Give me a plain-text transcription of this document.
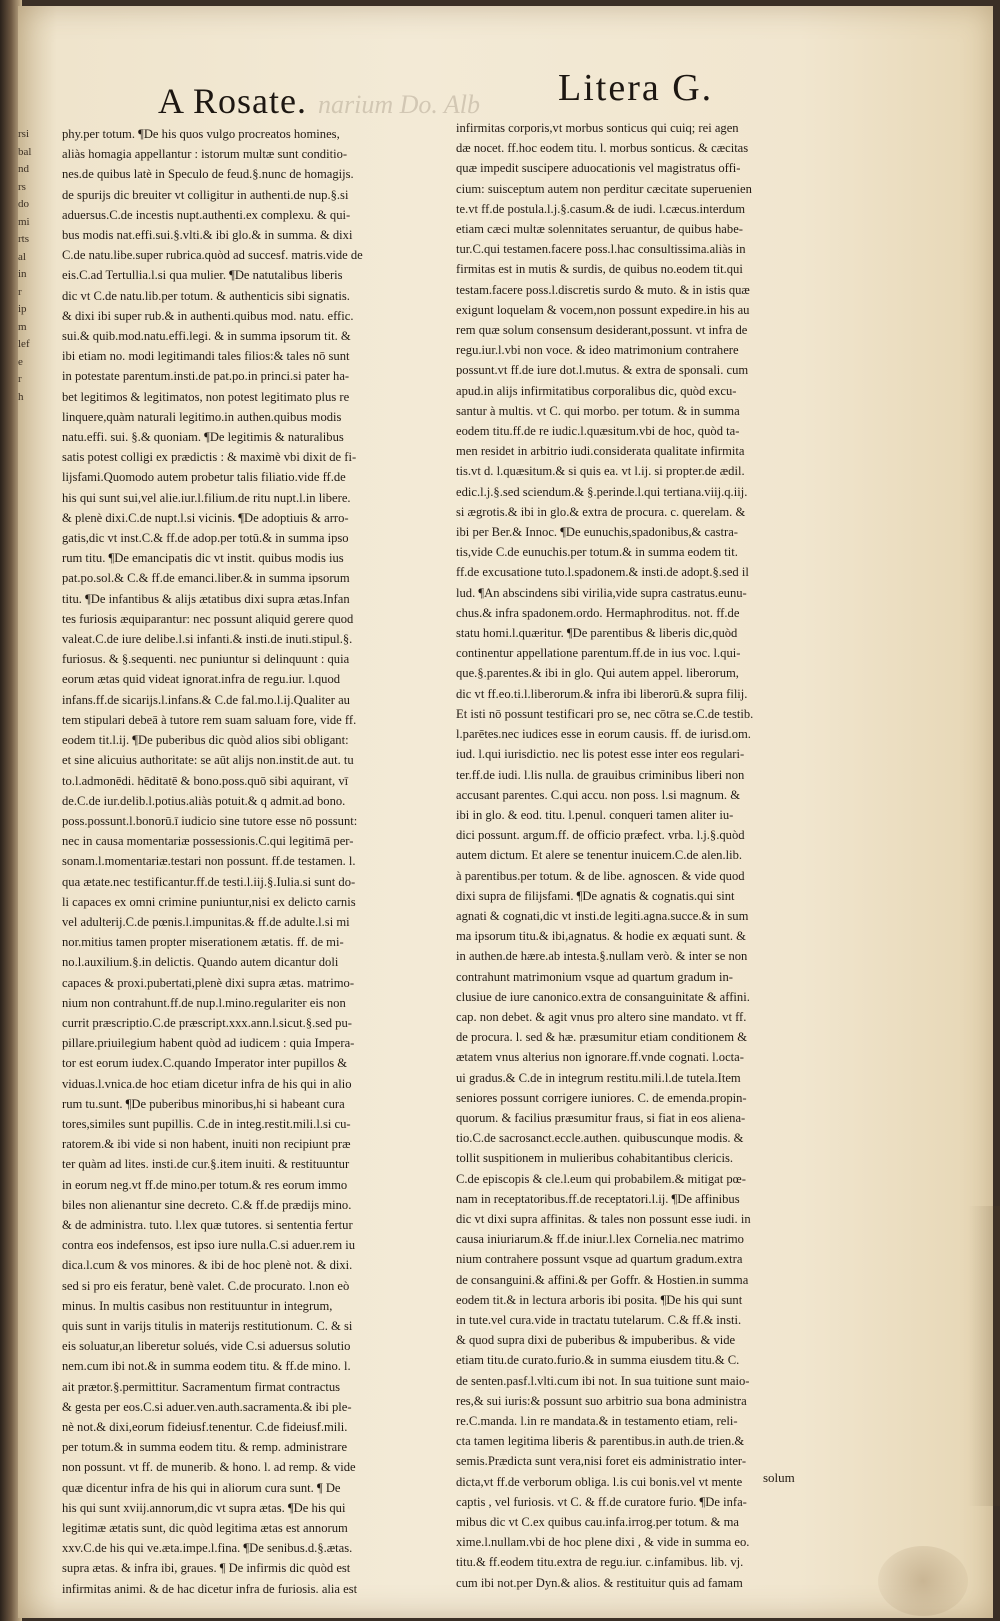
rsi
bal
nd
rs
do
mi
rts
al
in
r
ip
m
lef
e
r
h
A Rosate. narium Do. Alb Litera G.

phy.per totum. ¶De his quos vulgo procreatos homines,

aliàs homagia appellantur : istorum multæ sunt conditio-

nes.de quibus latè in Speculo de feud.§.nunc de homagijs.

de spurijs dic breuiter vt colligitur in authenti.de nup.§.si

aduersus.C.de incestis nupt.authenti.ex complexu. & qui-

bus modis nat.effi.sui.§.vlti.& ibi glo.& in summa. & dixi

C.de natu.libe.super rubrica.quòd ad succesf. matris.vide de

eis.C.ad Tertullia.l.si qua mulier. ¶De natutalibus liberis

dic vt C.de natu.lib.per totum. & authenticis sibi signatis.

& dixi ibi super rub.& in authenti.quibus mod. natu. effic.

sui.& quib.mod.natu.effi.legi. & in summa ipsorum tit. &

ibi etiam no. modi legitimandi tales filios:& tales nō sunt

in potestate parentum.insti.de pat.po.in princi.si pater ha-

bet legitimos & legitimatos, non potest legitimato plus re

linquere,quàm naturali legitimo.in authen.quibus modis

natu.effi. sui. §.& quoniam. ¶De legitimis & naturalibus

satis potest colligi ex prædictis : & maximè vbi dixit de fi-

lijsfami.Quomodo autem probetur talis filiatio.vide ff.de

his qui sunt sui,vel alie.iur.l.filium.de ritu nupt.l.in libere.

& plenè dixi.C.de nupt.l.si vicinis. ¶De adoptiuis & arro-

gatis,dic vt inst.C.& ff.de adop.per totū.& in summa ipso

rum titu. ¶De emancipatis dic vt instit. quibus modis ius

pat.po.sol.& C.& ff.de emanci.liber.& in summa ipsorum

titu. ¶De infantibus & alijs ætatibus dixi supra ætas.Infan

tes furiosis æquiparantur: nec possunt aliquid gerere quod

valeat.C.de iure delibe.l.si infanti.& insti.de inuti.stipul.§.

furiosus. & §.sequenti. nec puniuntur si delinquunt : quia

eorum ætas quid videat ignorat.infra de regu.iur. l.quod

infans.ff.de sicarijs.l.infans.& C.de fal.mo.l.ij.Qualiter au

tem stipulari debeā à tutore rem suam saluam fore, vide ff.

eodem tit.l.ij. ¶De puberibus dic quòd alios sibi obligant:

et sine alicuius authoritate: se aūt alijs non.instit.de aut. tu

to.l.admonēdi. hēditatē & bono.poss.quō sibi aquirant, vī

de.C.de iur.delib.l.potius.aliàs potuit.& q admit.ad bono.

poss.possunt.l.bonorū.ī iudicio sine tutore esse nō possunt:

nec in causa momentariæ possessionis.C.qui legitimā per-

sonam.l.momentariæ.testari non possunt. ff.de testamen. l.

qua ætate.nec testificantur.ff.de testi.l.iij.§.Iulia.si sunt do-

li capaces ex omni crimine puniuntur,nisi ex delicto carnis

vel adulterij.C.de pœnis.l.impunitas.& ff.de adulte.l.si mi

nor.mitius tamen propter miserationem ætatis. ff. de mi-

no.l.auxilium.§.in delictis. Quando autem dicantur doli

capaces & proxi.pubertati,plenè dixi supra ætas. matrimo-

nium non contrahunt.ff.de nup.l.mino.regulariter eis non

currit præscriptio.C.de præscript.xxx.ann.l.sicut.§.sed pu-

pillare.priuilegium habent quòd ad iudicem : quia Impera-

tor est eorum iudex.C.quando Imperator inter pupillos &

viduas.l.vnica.de hoc etiam dicetur infra de his qui in alio

rum tu.sunt. ¶De puberibus minoribus,hi si habeant cura

tores,similes sunt pupillis. C.de in integ.restit.mili.l.si cu-

ratorem.& ibi vide si non habent, inuiti non recipiunt præ

ter quàm ad lites. insti.de cur.§.item inuiti. & restituuntur

in eorum neg.vt ff.de mino.per totum.& res eorum immo

biles non alienantur sine decreto. C.& ff.de prædijs mino.

& de administra. tuto. l.lex quæ tutores. si sententia fertur

contra eos indefensos, est ipso iure nulla.C.si aduer.rem iu

dica.l.cum & vos minores. & ibi de hoc plenè not. & dixi.

sed si pro eis feratur, benè valet. C.de procurato. l.non eò

minus. In multis casibus non restituuntur in integrum,

quis sunt in varijs titulis in materijs restitutionum. C. & si

eis soluatur,an liberetur solués, vide C.si aduersus solutio

nem.cum ibi not.& in summa eodem titu. & ff.de mino. l.

ait prætor.§.permittitur. Sacramentum firmat contractus

& gesta per eos.C.si aduer.ven.auth.sacramenta.& ibi ple-

nè not.& dixi,eorum fideiusf.tenentur. C.de fideiusf.mili.

per totum.& in summa eodem titu. & remp. administrare

non possunt. vt ff. de munerib. & hono. l. ad remp. & vide

quæ dicentur infra de his qui in aliorum cura sunt. ¶ De

his qui sunt xviij.annorum,dic vt supra ætas. ¶De his qui

legitimæ ætatis sunt, dic quòd legitima ætas est annorum

xxv.C.de his qui ve.æta.impe.l.fina. ¶De senibus.d.§.ætas.

supra ætas. & infra ibi, graues. ¶ De infirmis dic quòd est

infirmitas animi. & de hac dicetur infra de furiosis. alia est

infirmitas corporis,vt morbus sonticus qui cuiq; rei agen

dæ nocet. ff.hoc eodem titu. l. morbus sonticus. & cæcitas

quæ impedit suscipere aduocationis vel magistratus offi-

cium: suisceptum autem non perditur cæcitate superuenien

te.vt ff.de postula.l.j.§.casum.& de iudi. l.cæcus.interdum

etiam cæci multæ solennitates seruantur, de quibus habe-

tur.C.qui testamen.facere poss.l.hac consultissima.aliàs in

firmitas est in mutis & surdis, de quibus no.eodem tit.qui

testam.facere poss.l.discretis surdo & muto. & in istis quæ

exigunt loquelam & vocem,non possunt expedire.in his au

rem quæ solum consensum desiderant,possunt. vt infra de

regu.iur.l.vbi non voce. & ideo matrimonium contrahere

possunt.vt ff.de iure dot.l.mutus. & extra de sponsali. cum

apud.in alijs infirmitatibus corporalibus dic, quòd excu-

santur à multis. vt C. qui morbo. per totum. & in summa

eodem titu.ff.de re iudic.l.quæsitum.vbi de hoc, quòd ta-

men residet in arbitrio iudi.considerata qualitate infirmita

tis.vt d. l.quæsitum.& si quis ea. vt l.ij. si propter.de ædil.

edic.l.j.§.sed sciendum.& §.perinde.l.qui tertiana.viij.q.iij.

si ægrotis.& ibi in glo.& extra de procura. c. querelam. &

ibi per Ber.& Innoc. ¶De eunuchis,spadonibus,& castra-

tis,vide C.de eunuchis.per totum.& in summa eodem tit.

ff.de excusatione tuto.l.spadonem.& insti.de adopt.§.sed il

lud. ¶An abscindens sibi virilia,vide supra castratus.eunu-

chus.& infra spadonem.ordo. Hermaphroditus. not. ff.de

statu homi.l.quæritur. ¶De parentibus & liberis dic,quòd

continentur appellatione parentum.ff.de in ius voc. l.qui-

que.§.parentes.& ibi in glo. Qui autem appel. liberorum,

dic vt ff.eo.ti.l.liberorum.& infra ibi liberorū.& supra filij.

Et isti nō possunt testificari pro se, nec cōtra se.C.de testib.

l.parētes.nec iudices esse in eorum causis. ff. de iurisd.om.

iud. l.qui iurisdictio. nec lis potest esse inter eos regulari-

ter.ff.de iudi. l.lis nulla. de grauibus criminibus liberi non

accusant parentes. C.qui accu. non poss. l.si magnum. &

ibi in glo. & eod. titu. l.penul. conqueri tamen aliter iu-

dici possunt. argum.ff. de officio præfect. vrba. l.j.§.quòd

autem dictum. Et alere se tenentur inuicem.C.de alen.lib.

à parentibus.per totum. & de libe. agnoscen. & vide quod

dixi supra de filijsfami. ¶De agnatis & cognatis.qui sint

agnati & cognati,dic vt insti.de legiti.agna.succe.& in sum

ma ipsorum titu.& ibi,agnatus. & hodie ex æquati sunt. &

in authen.de hære.ab intesta.§.nullam verò. & inter se non

contrahunt matrimonium vsque ad quartum gradum in-

clusiue de iure canonico.extra de consanguinitate & affini.

cap. non debet. & agit vnus pro altero sine mandato. vt ff.

de procura. l. sed & hæ. præsumitur etiam conditionem &

ætatem vnus alterius non ignorare.ff.vnde cognati. l.octa-

ui gradus.& C.de in integrum restitu.mili.l.de tutela.Item

seniores possunt corrigere iuniores. C. de emenda.propin-

quorum. & facilius præsumitur fraus, si fiat in eos aliena-

tio.C.de sacrosanct.eccle.authen. quibuscunque modis. &

tollit suspitionem in mulieribus cohabitantibus clericis.

C.de episcopis & cle.l.eum qui probabilem.& mitigat pœ-

nam in receptatoribus.ff.de receptatori.l.ij. ¶De affinibus

dic vt dixi supra affinitas. & tales non possunt esse iudi. in

causa iniuriarum.& ff.de iniur.l.lex Cornelia.nec matrimo

nium contrahere possunt vsque ad quartum gradum.extra

de consanguini.& affini.& per Goffr. & Hostien.in summa

eodem tit.& in lectura arboris ibi posita. ¶De his qui sunt

in tute.vel cura.vide in tractatu tutelarum. C.& ff.& insti.

& quod supra dixi de puberibus & impuberibus. & vide

etiam titu.de curato.furio.& in summa eiusdem titu.& C.

de senten.pasf.l.vlti.cum ibi not. In sua tuitione sunt maio-

res,& sui iuris:& possunt suo arbitrio sua bona administra

re.C.manda. l.in re mandata.& in testamento etiam, reli-

cta tamen legitima liberis & parentibus.in auth.de trien.&

semis.Prædicta sunt vera,nisi foret eis administratio inter-

dicta,vt ff.de verborum obliga. l.is cui bonis.vel vt mente

captis , vel furiosis. vt C. & ff.de curatore furio. ¶De infa-

mibus dic vt C.ex quibus cau.infa.irrog.per totum. & ma

xime.l.nullam.vbi de hoc plene dixi , & vide in summa eo.

titu.& ff.eodem titu.extra de regu.iur. c.infamibus. lib. vj.

cum ibi not.per Dyn.& alios. & restituitur quis ad famam

solum
